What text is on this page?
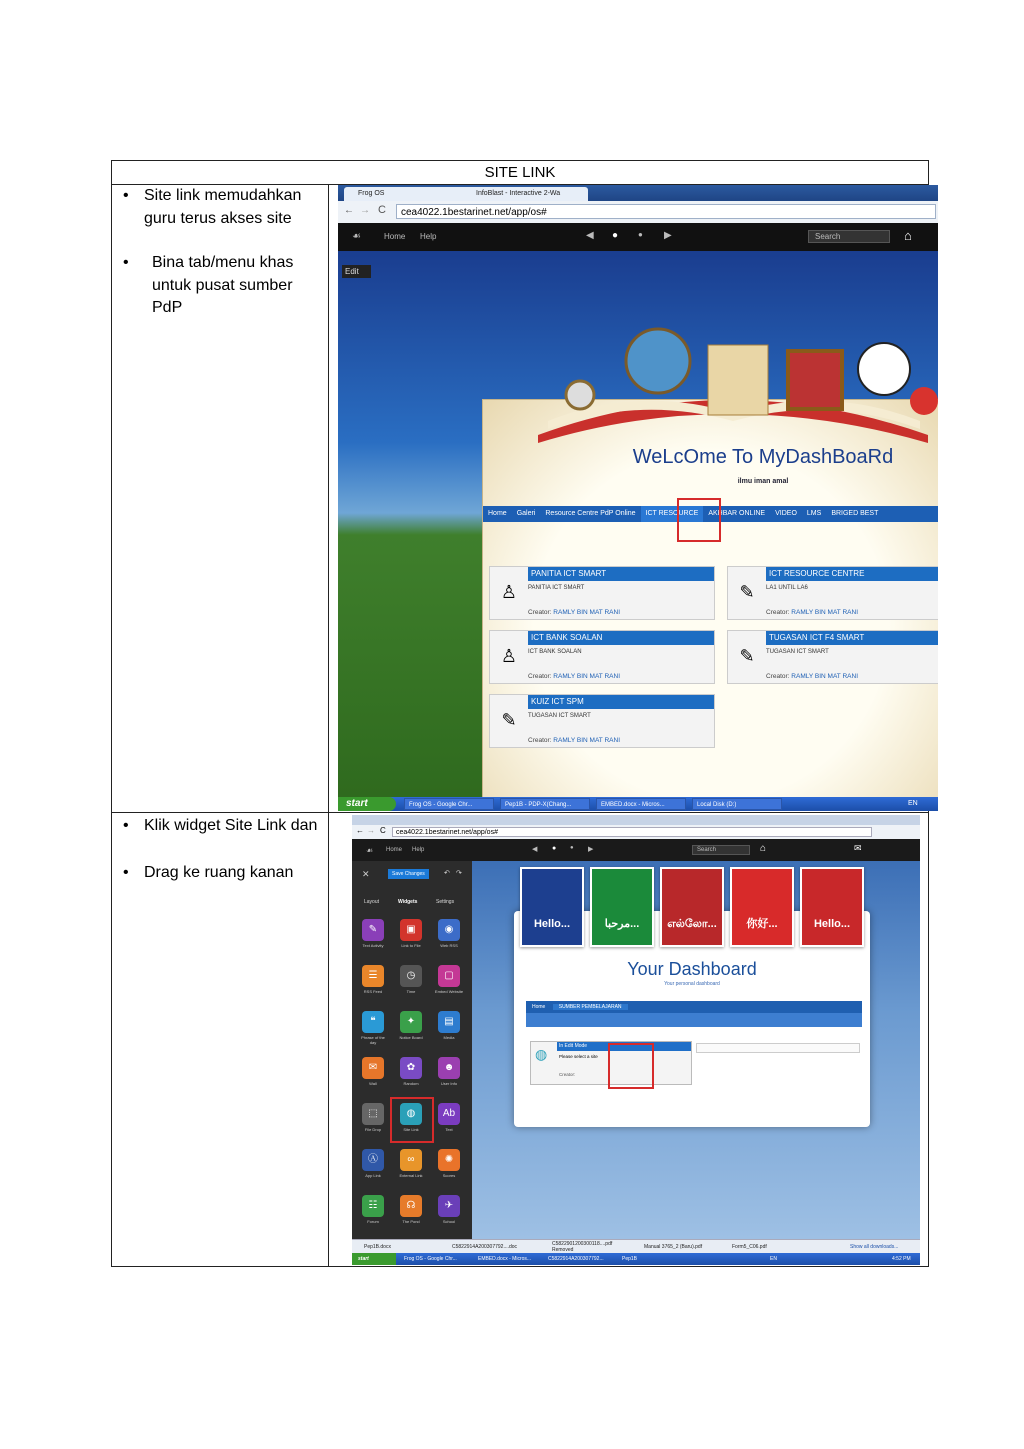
SITE LINK
• Site link memudahkan guru terus akses site
• Bina tab/menu khas untuk pusat sumber PdP
Frog OS	InfoBlast - Interactive 2-Wa
← → C	cea4022.1bestarinet.net/app/os#
☙	Home Help	◀ ● ● ▶	Search	⌂
Edit
WeLcOme To MyDashBoaRd
ilmu iman amal
Home Galeri Resource Centre PdP Online ICT RESOURCE AKHBAR ONLINE VIDEO LMS BRIGED BEST
PANITIA ICT SMART
PANITIA ICT SMART
♙
Creator: RAMLY BIN MAT RANI
ICT RESOURCE CENTRE
LA1 UNTIL LA6
✎
Creator: RAMLY BIN MAT RANI
ICT BANK SOALAN
ICT BANK SOALAN
♙
Creator: RAMLY BIN MAT RANI
TUGASAN ICT F4 SMART
TUGASAN ICT SMART
✎
Creator: RAMLY BIN MAT RANI
KUIZ ICT SPM
TUGASAN ICT SMART
✎
Creator: RAMLY BIN MAT RANI
start	Frog OS - Google Chr...	Pep1B - PDP-X(Chang...	EMBED.docx - Micros...	Local Disk (D:)	EN
• Klik widget Site Link dan
• Drag ke ruang kanan
← → C	cea4022.1bestarinet.net/app/os#
☙ Home Help	◀ ● ● ▶	Search	⌂	✉
✕	Save Changes	↶ ↷
Layout	Widgets	Settings
✎
Text Activity
▣
Link to File
◉
Web RSS
☰
RSS Feed
◷
Time
▢
Embed Website
❝
Phrase of the day
✦
Notice Board
▤
Media
✉
Wall
✿
Random
☻
User Info
⬚
File Drop
◍
Site Link
Ab
Text
Ⓐ
App Link
∞
External Link
✺
Scores
☷
Forum
☊
The Pond
✈
School
Your Dashboard
Your personal dashboard
Home	SUMBER PEMBELAJARAN
In Edit Mode
◍	Please select a site
Creator:
Hello...	مرحبا...	எல்லோ...	你好...	Hello...
Pep1B.docx	C5822914A200307792....doc	C5822901200300118....pdf
Removed	Manual 3765_2 (Baru).pdf	Form5_C06.pdf	Show all downloads...
start	Frog OS - Google Chr...	EMBED.docx - Micros...	C5822914A200307792...	Pep1B	EN	4:52 PM
